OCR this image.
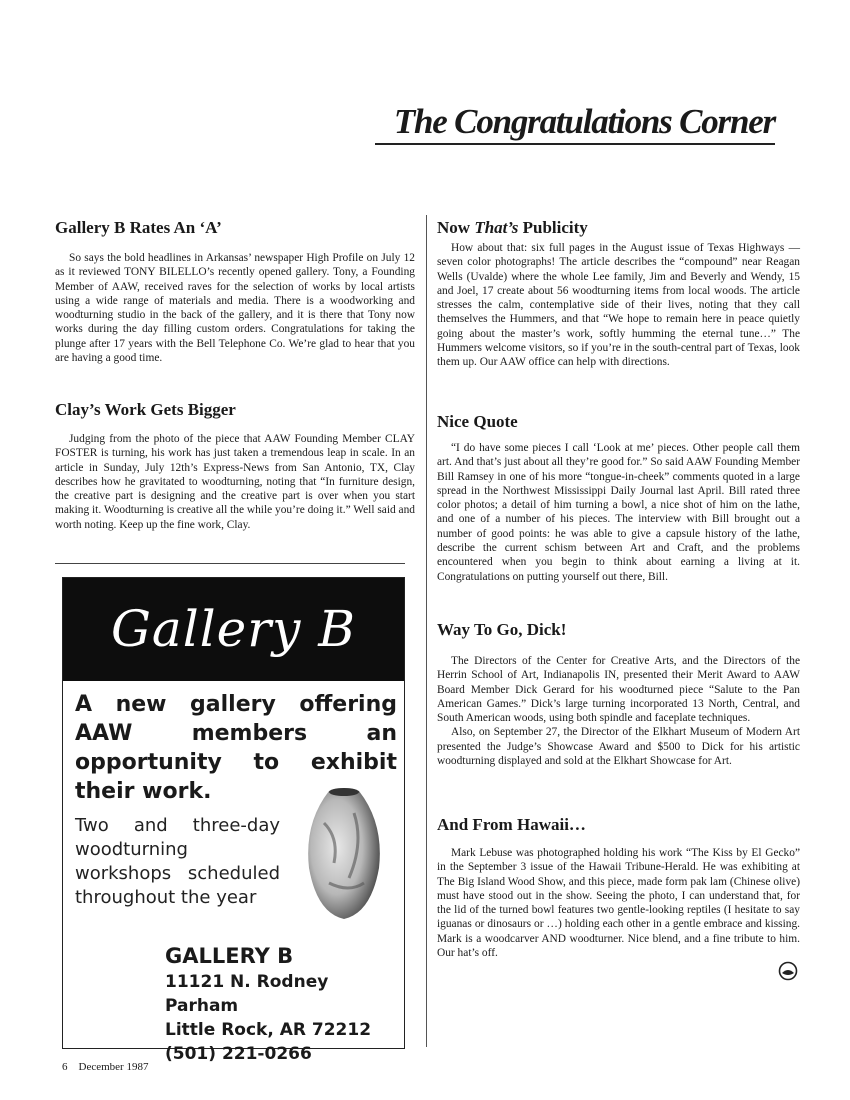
The Congratulations Corner
Gallery B Rates An ‘A’

So says the bold headlines in Arkansas’ newspaper High Profile on July 12 as it reviewed TONY BILELLO’s recently opened gallery. Tony, a Founding Member of AAW, received raves for the selection of works by local artists using a wide range of materials and media. There is a woodworking and woodturning studio in the back of the gallery, and it is there that Tony now works during the day filling custom orders. Congratulations for taking the plunge after 17 years with the Bell Telephone Co. We’re glad to hear that you are having a good time.

Clay’s Work Gets Bigger

Judging from the photo of the piece that AAW Founding Member CLAY FOSTER is turning, his work has just taken a tremendous leap in scale. In an article in Sunday, July 12th’s Express-News from San Antonio, TX, Clay describes how he gravitated to woodturning, noting that “In furniture design, the creative part is designing and the creative part is over when you start making it. Woodturning is creative all the while you’re doing it.” Well said and worth noting. Keep up the fine work, Clay.

Gallery B
A new gallery offering AAW members an opportunity to exhibit their work.
Two and three-day woodturning workshops scheduled throughout the year
GALLERY B
11121 N. Rodney Parham
Little Rock, AR 72212
(501) 221-0266
Now That’s Publicity

How about that: six full pages in the August issue of Texas Highways — seven color photographs! The article describes the “compound” near Reagan Wells (Uvalde) where the whole Lee family, Jim and Beverly and Wendy, 15 and Joel, 17 create about 56 woodturning items from local woods. The article stresses the calm, contemplative side of their lives, noting that they call themselves the Hummers, and that “We hope to remain here in peace quietly going about the master’s work, softly humming the eternal tune…” The Hummers welcome visitors, so if you’re in the south-central part of Texas, look them up. Our AAW office can help with directions.

Nice Quote

“I do have some pieces I call ‘Look at me’ pieces. Other people call them art. And that’s just about all they’re good for.” So said AAW Founding Member Bill Ramsey in one of his more “tongue-in-cheek” comments quoted in a large spread in the Northwest Mississippi Daily Journal last April. Bill rated three color photos; a detail of him turning a bowl, a nice shot of him on the lathe, and one of a number of his pieces. The interview with Bill brought out a number of good points: he was able to give a capsule history of the lathe, describe the current schism between Art and Craft, and the problems encountered when you begin to think about earning a living at it. Congratulations on putting yourself out there, Bill.

Way To Go, Dick!

The Directors of the Center for Creative Arts, and the Directors of the Herrin School of Art, Indianapolis IN, presented their Merit Award to AAW Board Member Dick Gerard for his woodturned piece “Salute to the Pan American Games.” Dick’s large turning incorporated 13 North, Central, and South American woods, using both spindle and faceplate techniques.

Also, on September 27, the Director of the Elkhart Museum of Modern Art presented the Judge’s Showcase Award and $500 to Dick for his artistic woodturning displayed and sold at the Elkhart Showcase for Art.

And From Hawaii…

Mark Lebuse was photographed holding his work “The Kiss by El Gecko” in the September 3 issue of the Hawaii Tribune-Herald. He was exhibiting at The Big Island Wood Show, and this piece, made form pak lam (Chinese olive) must have stood out in the show. Seeing the photo, I can understand that, for the lid of the turned bowl features two gentle-looking reptiles (I hesitate to say iguanas or dinosaurs or …) holding each other in a gentle embrace and kissing. Mark is a woodcarver AND woodturner. Nice blend, and a fine tribute to him. Our hat’s off.

6 December 1987
